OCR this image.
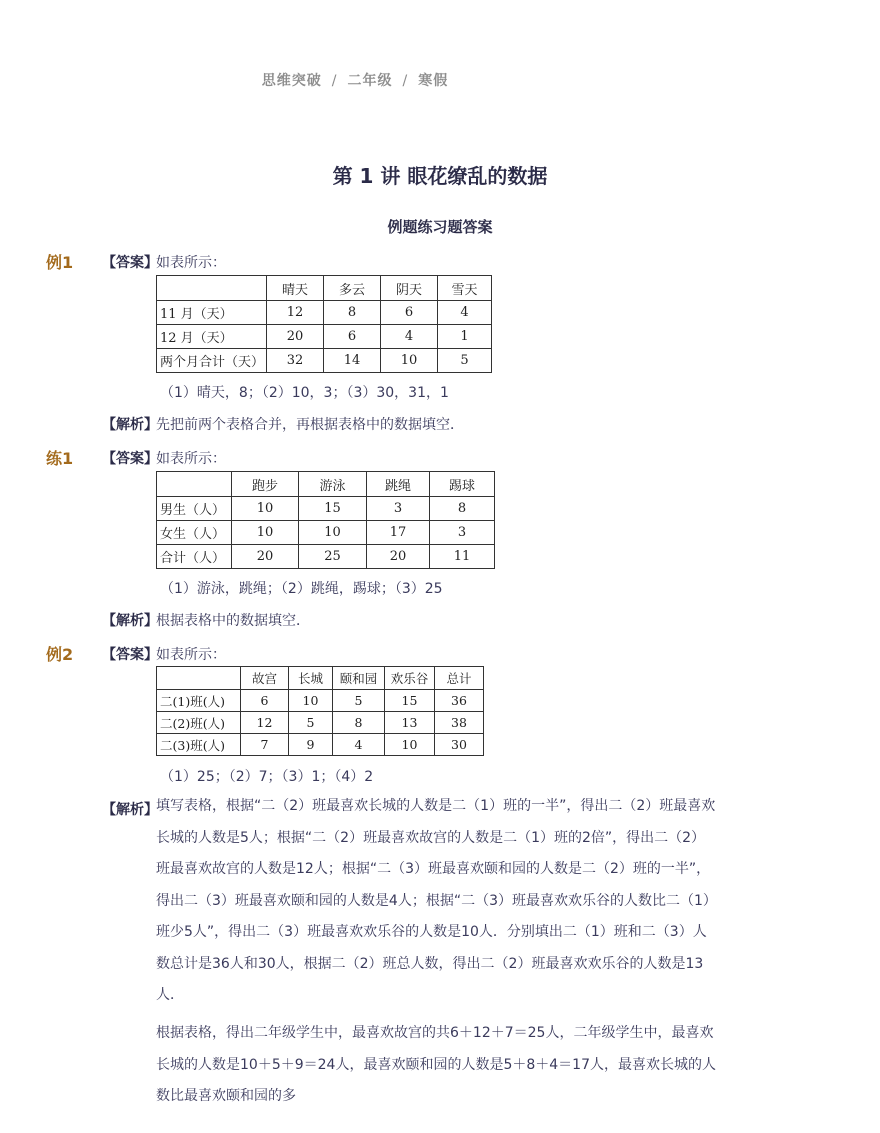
思维突破 / 二年级 / 寒假
第 1 讲 眼花缭乱的数据
例题练习题答案
例1 【答案】
如表所示：
	晴天	多云	阴天	雪天
11 月（天）	12	8	6	4
12 月（天）	20	6	4	1
两个月合计（天）	32	14	10	5
（1）晴天，8；（2）10，3；（3）30，31，1
【解析】
先把前两个表格合并，再根据表格中的数据填空．
练1 【答案】
如表所示：
	跑步	游泳	跳绳	踢球
男生（人）	10	15	3	8
女生（人）	10	10	17	3
合计（人）	20	25	20	11
（1）游泳，跳绳；（2）跳绳，踢球；（3）25
【解析】
根据表格中的数据填空．
例2 【答案】
如表所示：
	故宫	长城	颐和园	欢乐谷	总计
二(1)班(人)	6	10	5	15	36
二(2)班(人)	12	5	8	13	38
二(3)班(人)	7	9	4	10	30
（1）25；（2）7；（3）1；（4）2
【解析】
填写表格，根据“二（2）班最喜欢长城的人数是二（1）班的一半”，得出二（2）班最喜欢长城的人数是5人；根据“二（2）班最喜欢故宫的人数是二（1）班的2倍”，得出二（2）班最喜欢故宫的人数是12人；根据“二（3）班最喜欢颐和园的人数是二（2）班的一半”，得出二（3）班最喜欢颐和园的人数是4人；根据“二（3）班最喜欢欢乐谷的人数比二（1）班少5人”，得出二（3）班最喜欢欢乐谷的人数是10人．分别填出二（1）班和二（3）人数总计是36人和30人，根据二（2）班总人数，得出二（2）班最喜欢欢乐谷的人数是13人．
根据表格，得出二年级学生中，最喜欢故宫的共6＋12＋7＝25人，二年级学生中，最喜欢长城的人数是10＋5＋9＝24人，最喜欢颐和园的人数是5＋8＋4＝17人，最喜欢长城的人数比最喜欢颐和园的多
